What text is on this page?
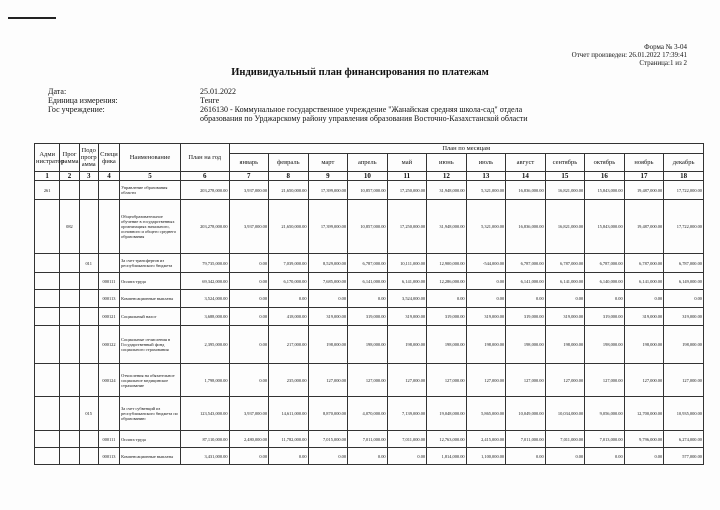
Форма № 3-04
Отчет произведен: 26.01.2022 17:39:41
Страница:1 из 2
Индивидуальный план финансирования по платежам
Дата:	25.01.2022
Единица измерения:	Тенге
Гос учреждение:	2616130 - Коммунальное государственное учреждение "Жанайская средняя школа-сад" отдела образования по Урджарскому району управления образования Восточно-Казахстанской области
Адми нистратор	Прог рамма	Подо прогр амма	Специ фика	Наименование	План на год	План по месяцам											
						январь	февраль	март	апрель	май	июнь	июль	август	сентябрь	октябрь	ноябрь	декабрь
1	2	3	4	5	6	7	8	9	10	11	12	13	14	15	16	17	18
261				Управление образования области	203,278,000.00	3,937,000.00	21,650,000.00	17,399,000.00	10,857,000.00	17,250,000.00	31,948,000.00	5,321,000.00	16,836,000.00	16,821,000.00	15,843,000.00	19,487,000.00	17,722,000.00
	082			Общеобразовательное обучение в государственных организациях начального, основного и общего среднего образования	203,278,000.00	3,937,000.00	21,650,000.00	17,399,000.00	10,857,000.00	17,250,000.00	31,948,000.00	5,321,000.00	16,836,000.00	16,821,000.00	15,843,000.00	19,487,000.00	17,722,000.00
		011		За счет трансфертов из республиканского бюджета	79,735,000.00	0.00	7,039,000.00	8,529,000.00	6,787,000.00	10,111,000.00	12,900,000.00	-544,000.00	6,787,000.00	6,787,000.00	6,787,000.00	6,787,000.00	6,787,000.00
			000111	Оплата труда	69,342,000.00	0.00	6,170,000.00	7,685,000.00	6,141,000.00	6,141,000.00	12,286,000.00	0.00	6,141,000.00	6,141,000.00	6,140,000.00	6,141,000.00	6,149,000.00
			000113	Компенсационные выплаты	3,524,000.00	0.00	0.00	0.00	0.00	3,524,000.00	0.00	0.00	0.00	0.00	0.00	0.00	0.00
			000121	Социальный налог	3,688,000.00	0.00	418,000.00	319,000.00	319,000.00	319,000.00	319,000.00	319,000.00	319,000.00	319,000.00	319,000.00	319,000.00	319,000.00
			000122	Социальные отчисления в Государственный фонд социального страхования	2,395,000.00	0.00	217,000.00	198,000.00	198,000.00	198,000.00	198,000.00	198,000.00	198,000.00	198,000.00	198,000.00	198,000.00	198,000.00
			000124	Отчисления на обязательное социальное медицинское страхование	1,798,000.00	0.00	235,000.00	127,000.00	127,000.00	127,000.00	127,000.00	127,000.00	127,000.00	127,000.00	127,000.00	127,000.00	127,000.00
		015		За счет субвенций из республиканского бюджета по образованию	123,543,000.00	3,937,000.00	14,611,000.00	8,870,000.00	4,070,000.00	7,139,000.00	19,048,000.00	5,865,000.00	10,049,000.00	10,034,000.00	9,056,000.00	12,700,000.00	10,935,000.00
			000111	Оплата труда	87,110,000.00	2,480,000.00	11,782,000.00	7,015,000.00	7,011,000.00	7,011,000.00	12,763,000.00	2,415,000.00	7,011,000.00	7,011,000.00	7,013,000.00	9,796,000.00	6,274,000.00
			000113	Компенсационные выплаты	3,431,000.00	0.00	0.00	0.00	0.00	0.00	1,814,000.00	1,100,000.00	0.00	0.00	0.00	0.00	577,000.00
